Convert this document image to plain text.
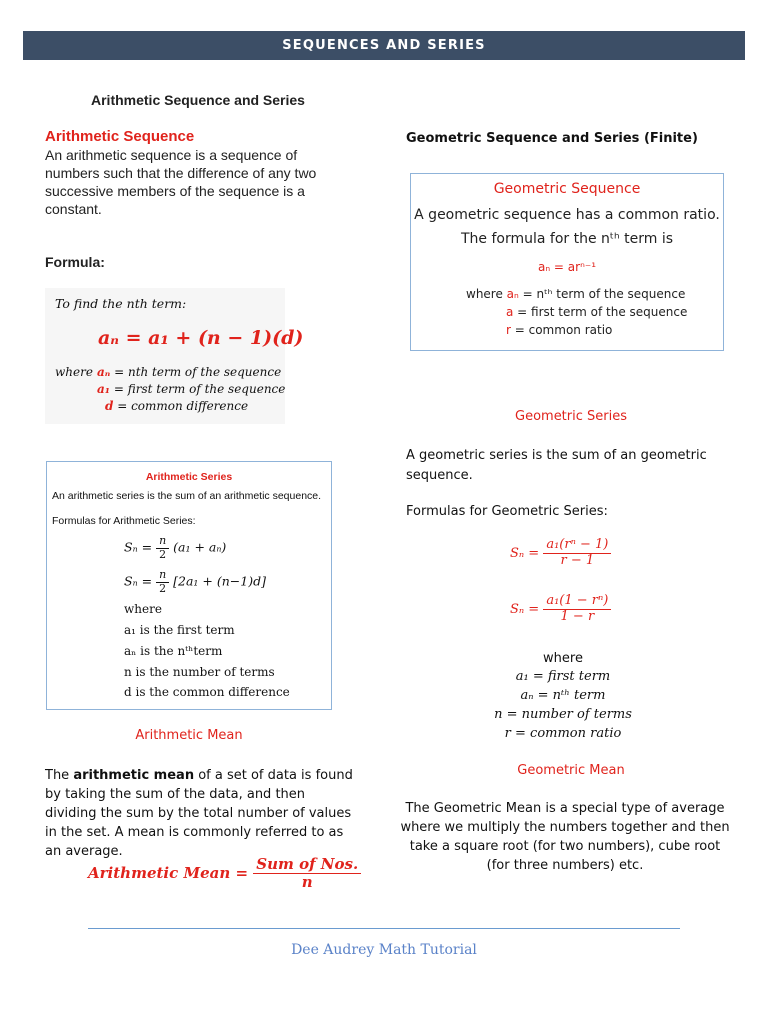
SEQUENCES AND SERIES
Arithmetic Sequence and Series
Arithmetic Sequence
An arithmetic sequence is a sequence of numbers such that the difference of any two successive members of the sequence is a constant.
Formula:
To find the nth term:
aₙ = a₁ + (n − 1)(d)
where aₙ = nth term of the sequence
a₁ = first term of the sequence
d = common difference
Arithmetic Series
An arithmetic series is the sum of an arithmetic sequence.
Formulas for Arithmetic Series:
$S_n = \frac{n}{2} (a_1 + a_n)$
$S_n = \frac{n}{2} [2a_1 + (n-1)d]$
where
a₁ is the first term
aₙ is the nᵗʰterm
n is the number of terms
d is the common difference
Arithmetic Mean
The arithmetic mean of a set of data is found by taking the sum of the data, and then dividing the sum by the total number of values in the set. A mean is commonly referred to as an average.
Arithmetic Mean = $\frac{\text{Sum of Nos.}}{n}$
Geometric Sequence and Series (Finite)
Geometric Sequence
A geometric sequence has a common ratio.
The formula for the nᵗʰ term is
aₙ = arⁿ⁻¹
where aₙ = nᵗʰ term of the sequence
a = first term of the sequence
r = common ratio
Geometric Series
A geometric series is the sum of an geometric sequence.
Formulas for Geometric Series:
$S_n = \frac{\text{a₁(rⁿ − 1)}}{r - 1}$
$S_n = \frac{\text{a₁(1 − rⁿ)}}{1 - r}$
where
a₁ = first term
aₙ = nᵗʰ term
n = number of terms
r = common ratio
Geometric Mean
The Geometric Mean is a special type of average where we multiply the numbers together and then take a square root (for two numbers), cube root (for three numbers) etc.
Dee Audrey Math Tutorial
